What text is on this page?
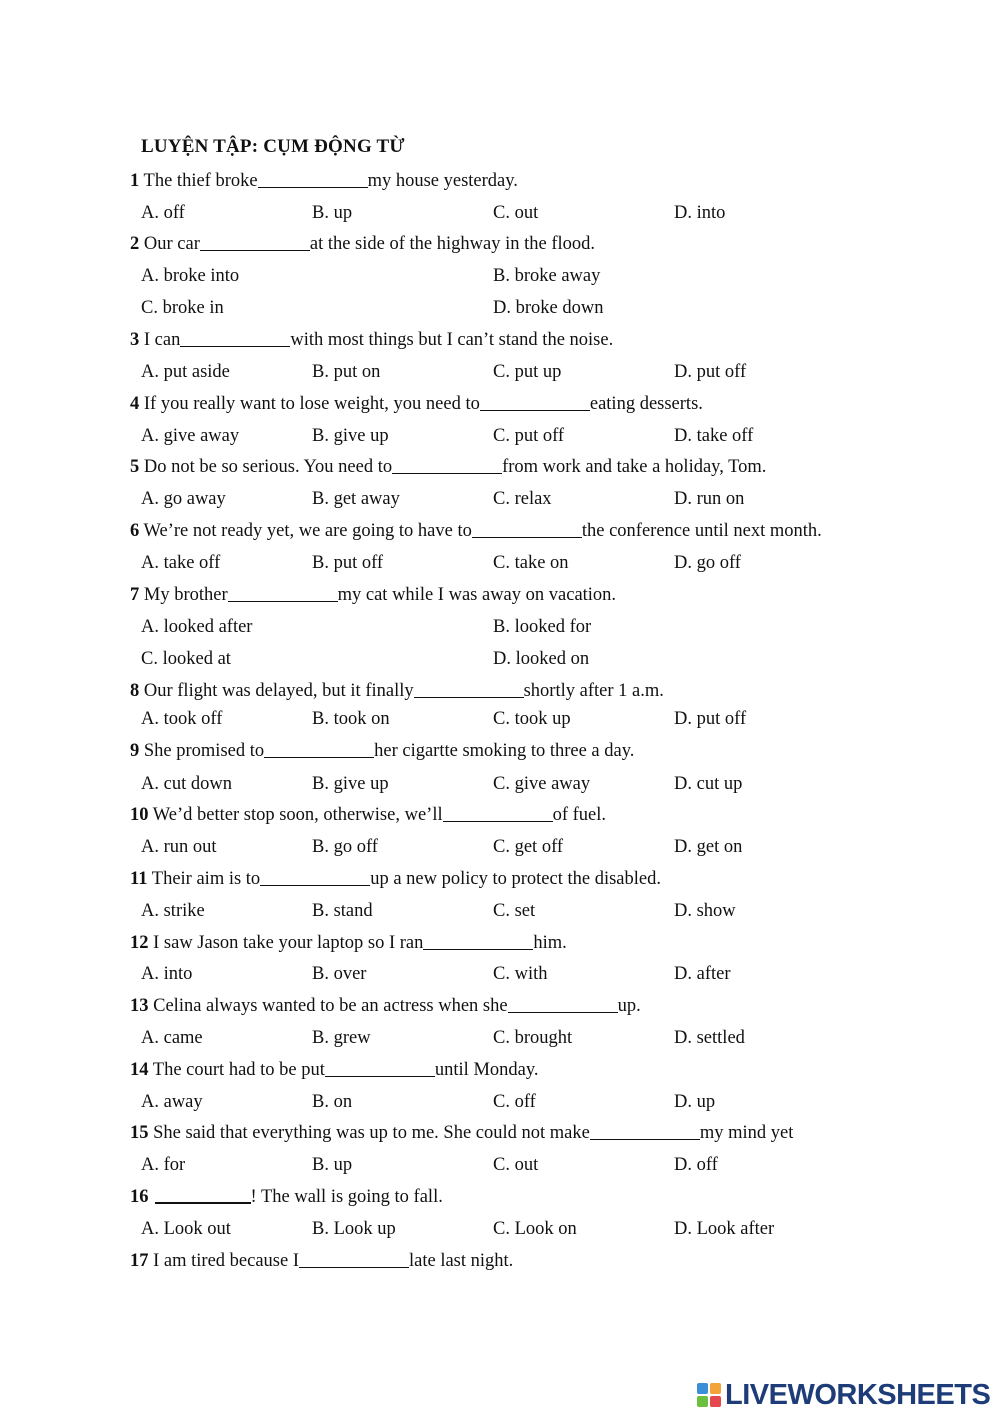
LUYỆN TẬP: CỤM ĐỘNG TỪ
1 The thief broke	my house yesterday.
A. off	B. up	C. out	D. into
2 Our car	at the side of the highway in the flood.
A. broke into	B. broke away
C. broke in	D. broke down
3 I can	with most things but I can’t stand the noise.
A. put aside	B. put on	C. put up	D. put off
4 If you really want to lose weight, you need to	eating desserts.
A. give away	B. give up	C. put off	D. take off
5 Do not be so serious. You need to	from work and take a holiday, Tom.
A. go away	B. get away	C. relax	D. run on
6 We’re not ready yet, we are going to have to	the conference until next month.
A. take off	B. put off	C. take on	D. go off
7 My brother	my cat while I was away on vacation.
A. looked after	B. looked for
C. looked at	D. looked on
8 Our flight was delayed, but it finally	shortly after 1 a.m.
A. took off	B. took on	C. took up	D. put off
9 She promised to	her cigartte smoking to three a day.
A. cut down	B. give up	C. give away	D. cut up
10 We’d better stop soon, otherwise, we’ll	of fuel.
A. run out	B. go off	C. get off	D. get on
11 Their aim is to	up a new policy to protect the disabled.
A. strike	B. stand	C. set	D. show
12 I saw Jason take your laptop so I ran	him.
A. into	B. over	C. with	D. after
13 Celina always wanted to be an actress when she	up.
A. came	B. grew	C. brought	D. settled
14 The court had to be put	until Monday.
A. away	B. on	C. off	D. up
15 She said that everything was up to me. She could not make	my mind yet
A. for	B. up	C. out	D. off
16	! The wall is going to fall.
A. Look out	B. Look up	C. Look on	D. Look after
17 I am tired because I	late last night.
LIVEWORKSHEETS
